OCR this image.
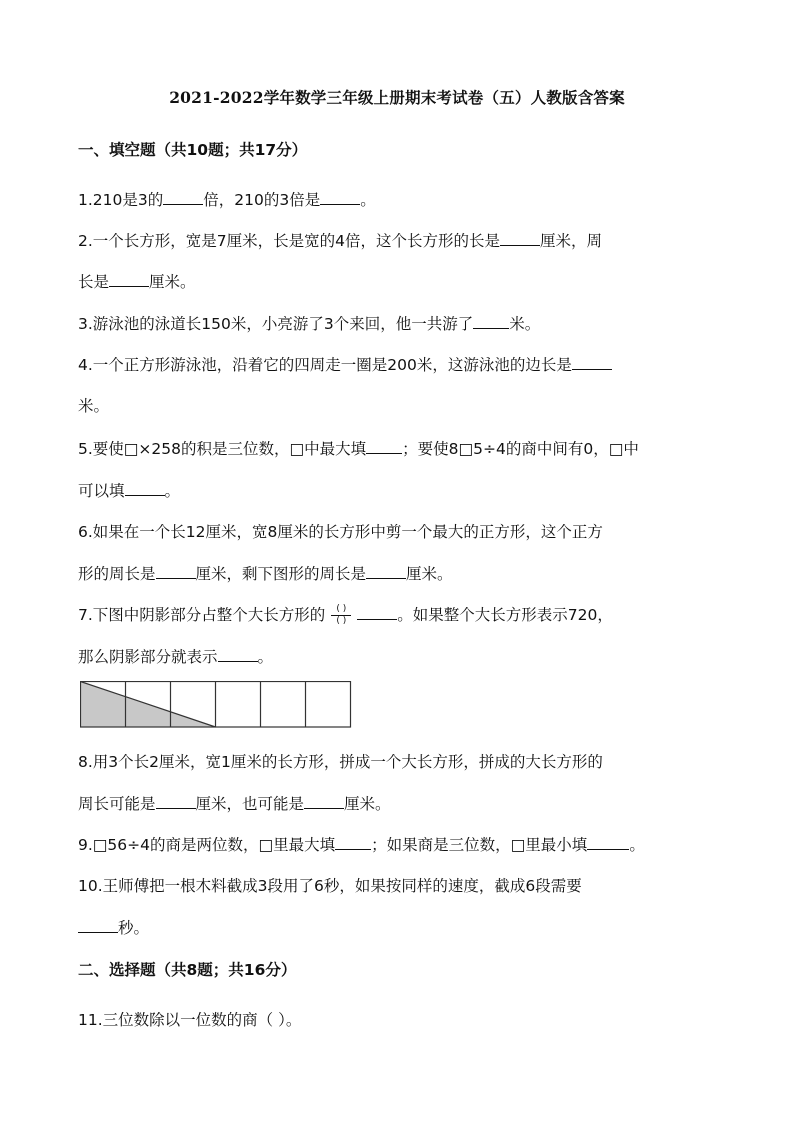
2021-2022学年数学三年级上册期末考试卷（五）人教版含答案
一、填空题（共10题；共17分）
1.210是3的	倍，210的3倍是	。
2.一个长方形，宽是7厘米，长是宽的4倍，这个长方形的长是	厘米，周
长是	厘米。
3.游泳池的泳道长150米，小亮游了3个来回，他一共游了 米。
4.一个正方形游泳池，沿着它的四周走一圈是200米，这游泳池的边长是
米。
5.要使□×258的积是三位数，□中最大填 ；要使8□5÷4的商中间有0，□中
可以填	。
6.如果在一个长12厘米，宽8厘米的长方形中剪一个最大的正方形，这个正方
形的周长是	厘米，剩下图形的周长是	厘米。
7.下图中阴影部分占整个大长方形的 $\frac{( )}{( )}$	。如果整个大长方形表示720，
那么阴影部分就表示	。
8.用3个长2厘米，宽1厘米的长方形，拼成一个大长方形，拼成的大长方形的
周长可能是	厘米，也可能是	厘米。
9.□56÷4的商是两位数，□里最大填 ；如果商是三位数，□里最小填	。
10.王师傅把一根木料截成3段用了6秒，如果按同样的速度，截成6段需要
秒。
二、选择题（共8题；共16分）
11.三位数除以一位数的商（ ）。
